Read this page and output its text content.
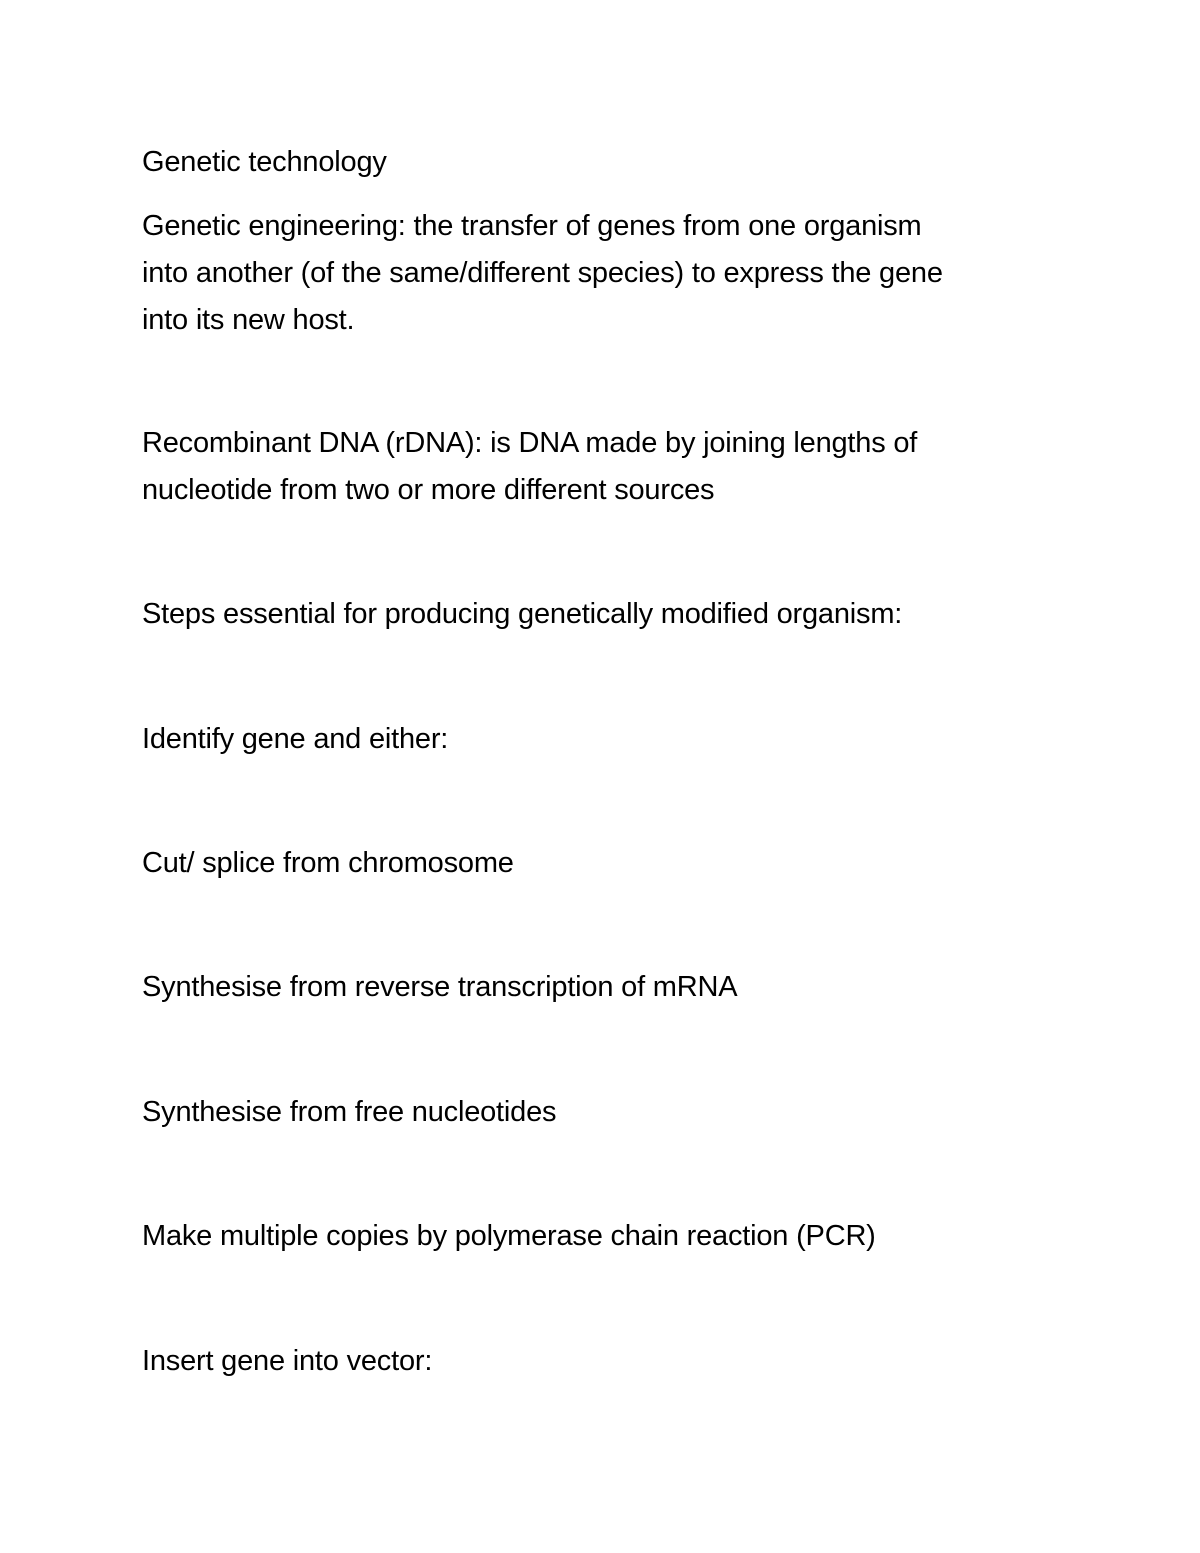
Genetic technology
Genetic engineering: the transfer of genes from one organism
into another (of the same/different species) to express the gene
into its new host.
Recombinant DNA (rDNA): is DNA made by joining lengths of
nucleotide from two or more different sources
Steps essential for producing genetically modified organism:
Identify gene and either:
Cut/ splice from chromosome
Synthesise from reverse transcription of mRNA
Synthesise from free nucleotides
Make multiple copies by polymerase chain reaction (PCR)
Insert gene into vector:
